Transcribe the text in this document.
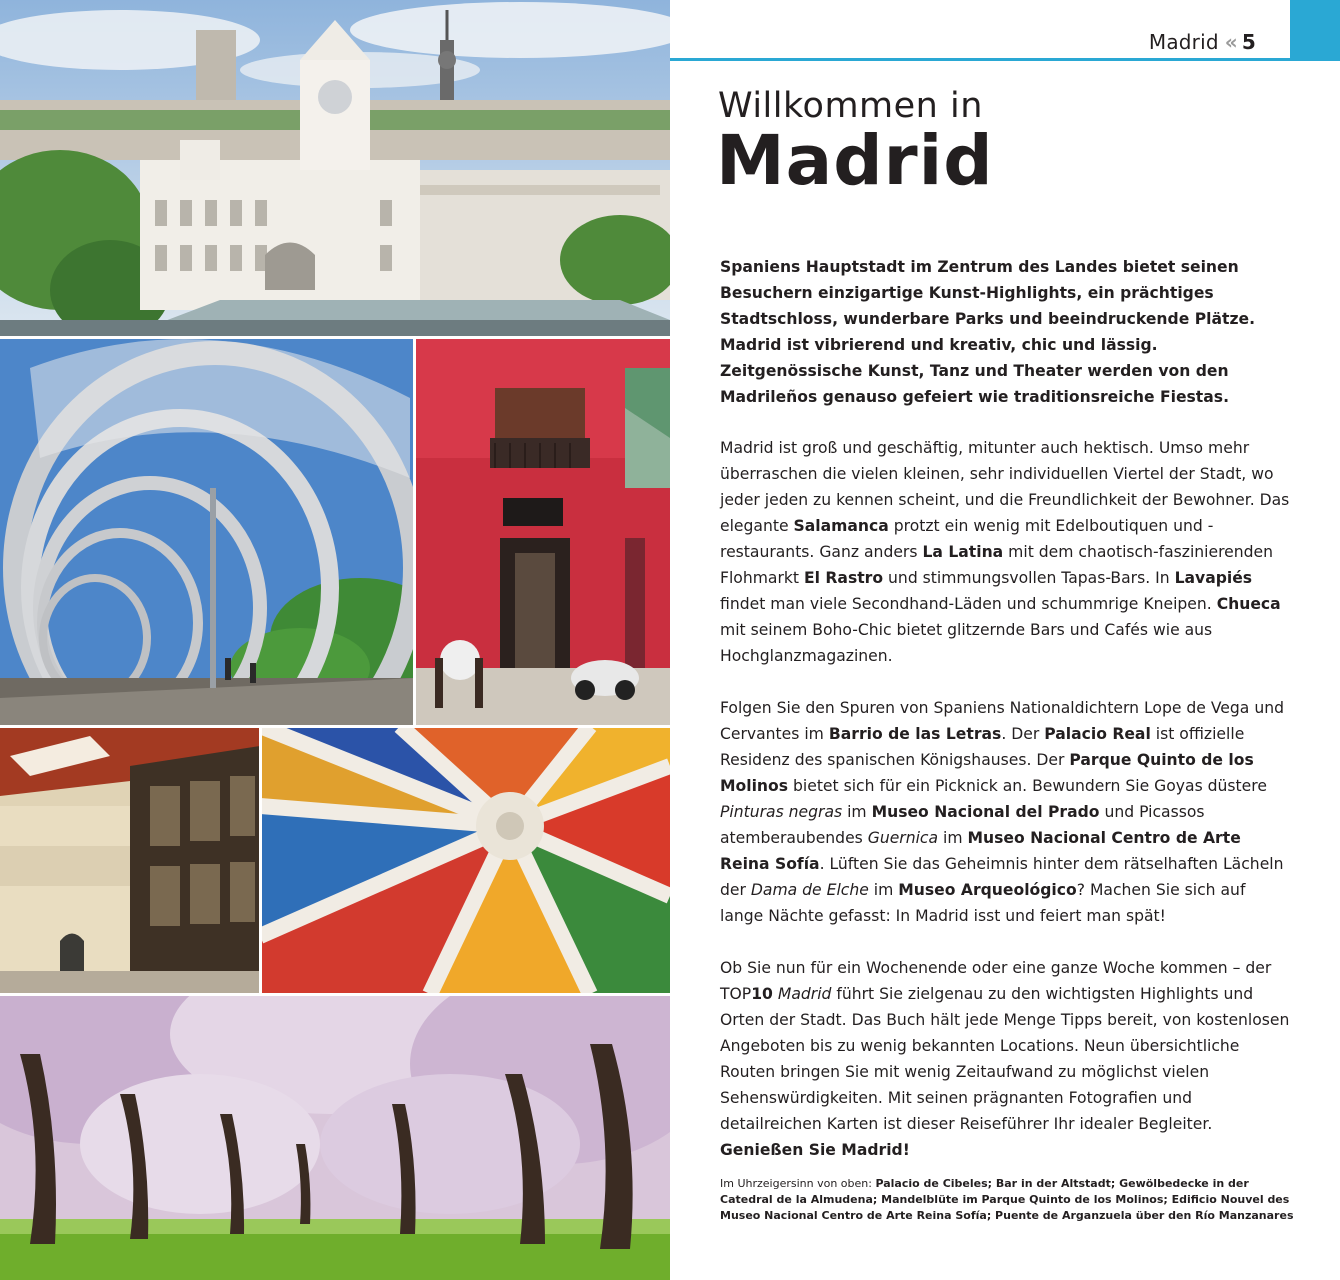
Madrid « 5
Willkommen in
Madrid

Spaniens Hauptstadt im Zentrum des Landes bietet seinen Besuchern einzigartige Kunst-Highlights, ein prächtiges Stadtschloss, wunderbare Parks und beeindruckende Plätze. Madrid ist vibrierend und kreativ, chic und lässig. Zeitgenössische Kunst, Tanz und Theater werden von den Madrileños genauso gefeiert wie traditionsreiche Fiestas.

Madrid ist groß und geschäftig, mitunter auch hektisch. Umso mehr überraschen die vielen kleinen, sehr individuellen Viertel der Stadt, wo jeder jeden zu kennen scheint, und die Freundlichkeit der Bewohner. Das elegante Salamanca protzt ein wenig mit Edelboutiquen und -restaurants. Ganz anders La Latina mit dem chaotisch-faszinierenden Flohmarkt El Rastro und stimmungsvollen Tapas-Bars. In Lavapiés findet man viele Secondhand-Läden und schummrige Kneipen. Chueca mit seinem Boho-Chic bietet glitzernde Bars und Cafés wie aus Hochglanzmagazinen.

Folgen Sie den Spuren von Spaniens Nationaldichtern Lope de Vega und Cervantes im Barrio de las Letras. Der Palacio Real ist offizielle Residenz des spanischen Königshauses. Der Parque Quinto de los Molinos bietet sich für ein Picknick an. Bewundern Sie Goyas düstere Pinturas negras im Museo Nacional del Prado und Picassos atemberaubendes Guernica im Museo Nacional Centro de Arte Reina Sofía. Lüften Sie das Geheimnis hinter dem rätselhaften Lächeln der Dama de Elche im Museo Arqueológico? Machen Sie sich auf lange Nächte gefasst: In Madrid isst und feiert man spät!

Ob Sie nun für ein Wochenende oder eine ganze Woche kommen – der TOP10 Madrid führt Sie zielgenau zu den wichtigsten Highlights und Orten der Stadt. Das Buch hält jede Menge Tipps bereit, von kostenlosen Angeboten bis zu wenig bekannten Locations. Neun übersichtliche Routen bringen Sie mit wenig Zeitaufwand zu möglichst vielen Sehenswürdigkeiten. Mit seinen prägnanten Fotografien und detailreichen Karten ist dieser Reiseführer Ihr idealer Begleiter. Genießen Sie Madrid!

Im Uhrzeigersinn von oben: Palacio de Cibeles; Bar in der Altstadt; Gewölbedecke in der Catedral de la Almudena; Mandelblüte im Parque Quinto de los Molinos; Edificio Nouvel des Museo Nacional Centro de Arte Reina Sofía; Puente de Arganzuela über den Río Manzanares
